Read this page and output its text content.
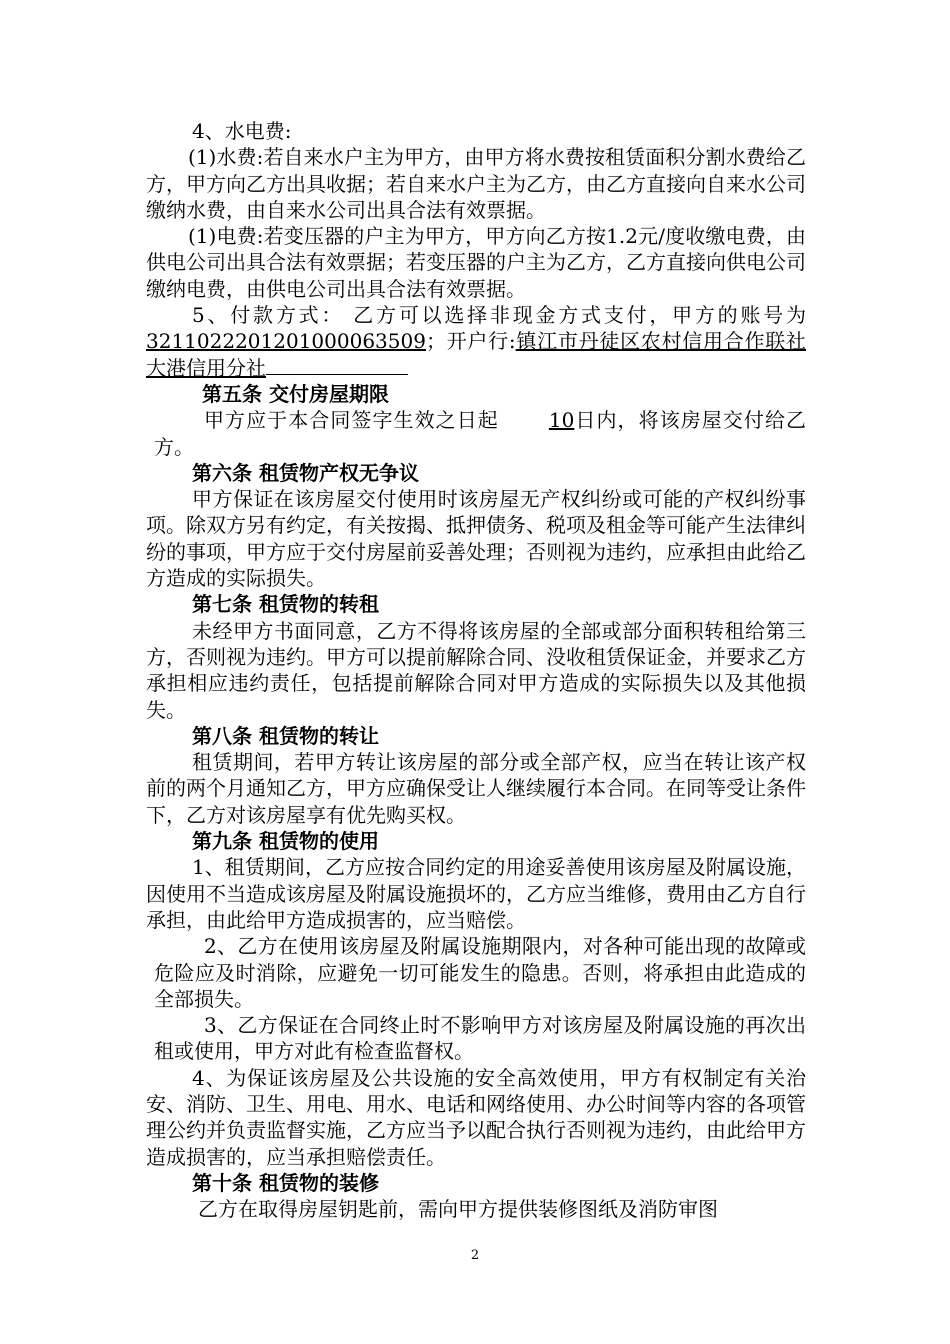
4、水电费:

(1)水费:若自来水户主为甲方，由甲方将水费按租赁面积分割水费给乙方，甲方向乙方出具收据；若自来水户主为乙方，由乙方直接向自来水公司缴纳水费，由自来水公司出具合法有效票据。

(1)电费:若变压器的户主为甲方，甲方向乙方按1.2元/度收缴电费，由供电公司出具合法有效票据；若变压器的户主为乙方，乙方直接向供电公司缴纳电费，由供电公司出具合法有效票据。

5、付款方式： 乙方可以选择非现金方式支付，甲方的账号为3211022201201000063509；开户行:镇江市丹徒区农村信用合作联社大港信用分社

第五条 交付房屋期限

甲方应于本合同签字生效之日起	10日内，将该房屋交付给乙方。

第六条 租赁物产权无争议

甲方保证在该房屋交付使用时该房屋无产权纠纷或可能的产权纠纷事项。除双方另有约定，有关按揭、抵押债务、税项及租金等可能产生法律纠纷的事项，甲方应于交付房屋前妥善处理；否则视为违约，应承担由此给乙方造成的实际损失。

第七条 租赁物的转租

未经甲方书面同意，乙方不得将该房屋的全部或部分面积转租给第三方，否则视为违约。甲方可以提前解除合同、没收租赁保证金，并要求乙方承担相应违约责任，包括提前解除合同对甲方造成的实际损失以及其他损失。

第八条 租赁物的转让

租赁期间，若甲方转让该房屋的部分或全部产权，应当在转让该产权前的两个月通知乙方，甲方应确保受让人继续履行本合同。在同等受让条件下，乙方对该房屋享有优先购买权。

第九条 租赁物的使用

1、租赁期间，乙方应按合同约定的用途妥善使用该房屋及附属设施，因使用不当造成该房屋及附属设施损坏的，乙方应当维修，费用由乙方自行承担，由此给甲方造成损害的，应当赔偿。

2、乙方在使用该房屋及附属设施期限内，对各种可能出现的故障或危险应及时消除，应避免一切可能发生的隐患。否则，将承担由此造成的全部损失。

3、乙方保证在合同终止时不影响甲方对该房屋及附属设施的再次出租或使用，甲方对此有检查监督权。

4、为保证该房屋及公共设施的安全高效使用，甲方有权制定有关治安、消防、卫生、用电、用水、电话和网络使用、办公时间等内容的各项管理公约并负责监督实施，乙方应当予以配合执行否则视为违约，由此给甲方造成损害的，应当承担赔偿责任。

第十条 租赁物的装修

乙方在取得房屋钥匙前，需向甲方提供装修图纸及消防审图

2
